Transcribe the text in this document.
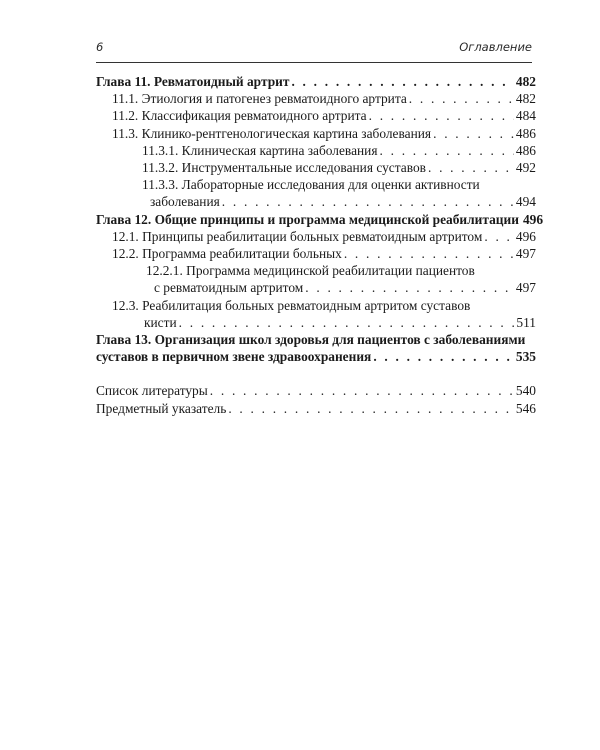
6	Оглавление
Глава 11. Ревматоидный артрит . . .	482
11.1. Этиология и патогенез ревматоидного артрита . . .	482
11.2. Классификация ревматоидного артрита . . .	484
11.3. Клинико-рентгенологическая картина заболевания . . .	486
11.3.1. Клиническая картина заболевания . . .	486
11.3.2. Инструментальные исследования суставов . . .	492
11.3.3. Лабораторные исследования для оценки активности
заболевания . . .	494
Глава 12. Общие принципы и программа медицинской реабилитации 496
12.1. Принципы реабилитации больных ревматоидным артритом . . .	496
12.2. Программа реабилитации больных . . .	497
12.2.1. Программа медицинской реабилитации пациентов
с ревматоидным артритом . . .	497
12.3. Реабилитация больных ревматоидным артритом суставов
кисти . . .	511
Глава 13. Организация школ здоровья для пациентов с заболеваниями
суставов в первичном звене здравоохранения . . .	535
Список литературы . . .	540
Предметный указатель . . .	546
